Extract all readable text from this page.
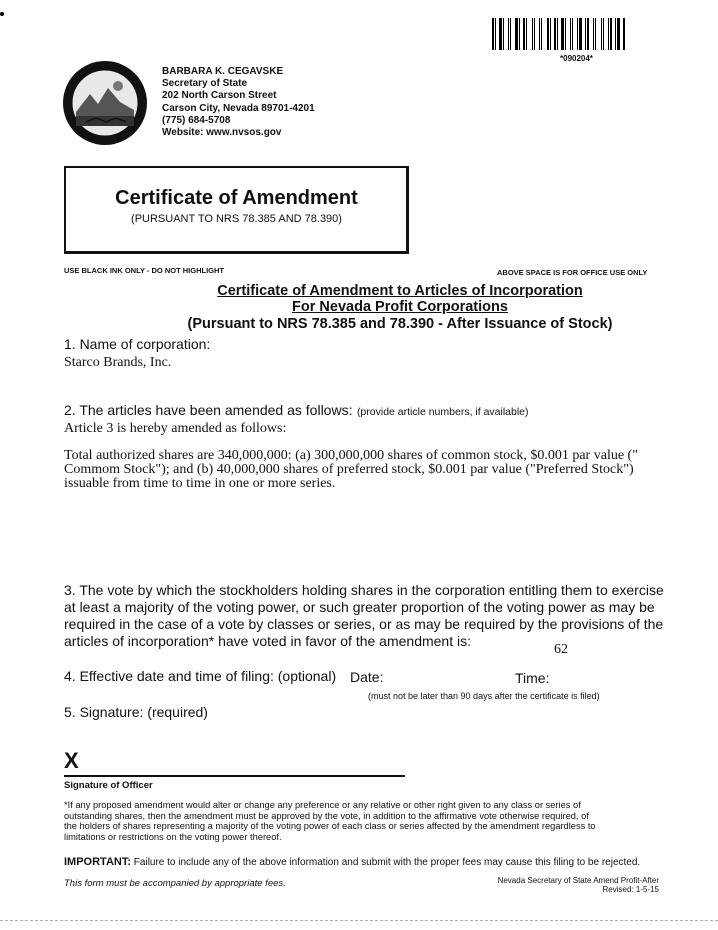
*090204*
BARBARA K. CEGAVSKE
Secretary of State
202 North Carson Street
Carson City, Nevada 89701-4201
(775) 684-5708
Website: www.nvsos.gov
Certificate of Amendment
(PURSUANT TO NRS 78.385 AND 78.390)
USE BLACK INK ONLY - DO NOT HIGHLIGHT	ABOVE SPACE IS FOR OFFICE USE ONLY
Certificate of Amendment to Articles of Incorporation
For Nevada Profit Corporations
(Pursuant to NRS 78.385 and 78.390 - After Issuance of Stock)
1. Name of corporation:
Starco Brands, Inc.
2. The articles have been amended as follows: (provide article numbers, if available)
Article 3 is hereby amended as follows:
Total authorized shares are 340,000,000: (a) 300,000,000 shares of common stock, $0.001 par value ("
Commom Stock"); and (b) 40,000,000 shares of preferred stock, $0.001 par value ("Preferred Stock")
issuable from time to time in one or more series.
3. The vote by which the stockholders holding shares in the corporation entitling them to exercise
at least a majority of the voting power, or such greater proportion of the voting power as may be
required in the case of a vote by classes or series, or as may be required by the provisions of the
articles of incorporation* have voted in favor of the amendment is:
62
4. Effective date and time of filing: (optional) Date:	Time:
(must not be later than 90 days after the certificate is filed)
5. Signature: (required)
X
Signature of Officer
*If any proposed amendment would alter or change any preference or any relative or other right given to any class or series of
outstanding shares, then the amendment must be approved by the vote, in addition to the affirmative vote otherwise required, of
the holders of shares representing a majority of the voting power of each class or series affected by the amendment regardless to
limitations or restrictions on the voting power thereof.
IMPORTANT: Failure to include any of the above information and submit with the proper fees may cause this filing to be rejected.
This form must be accompanied by appropriate fees.	Nevada Secretary of State Amend Profit-After
Revised: 1-5-15
